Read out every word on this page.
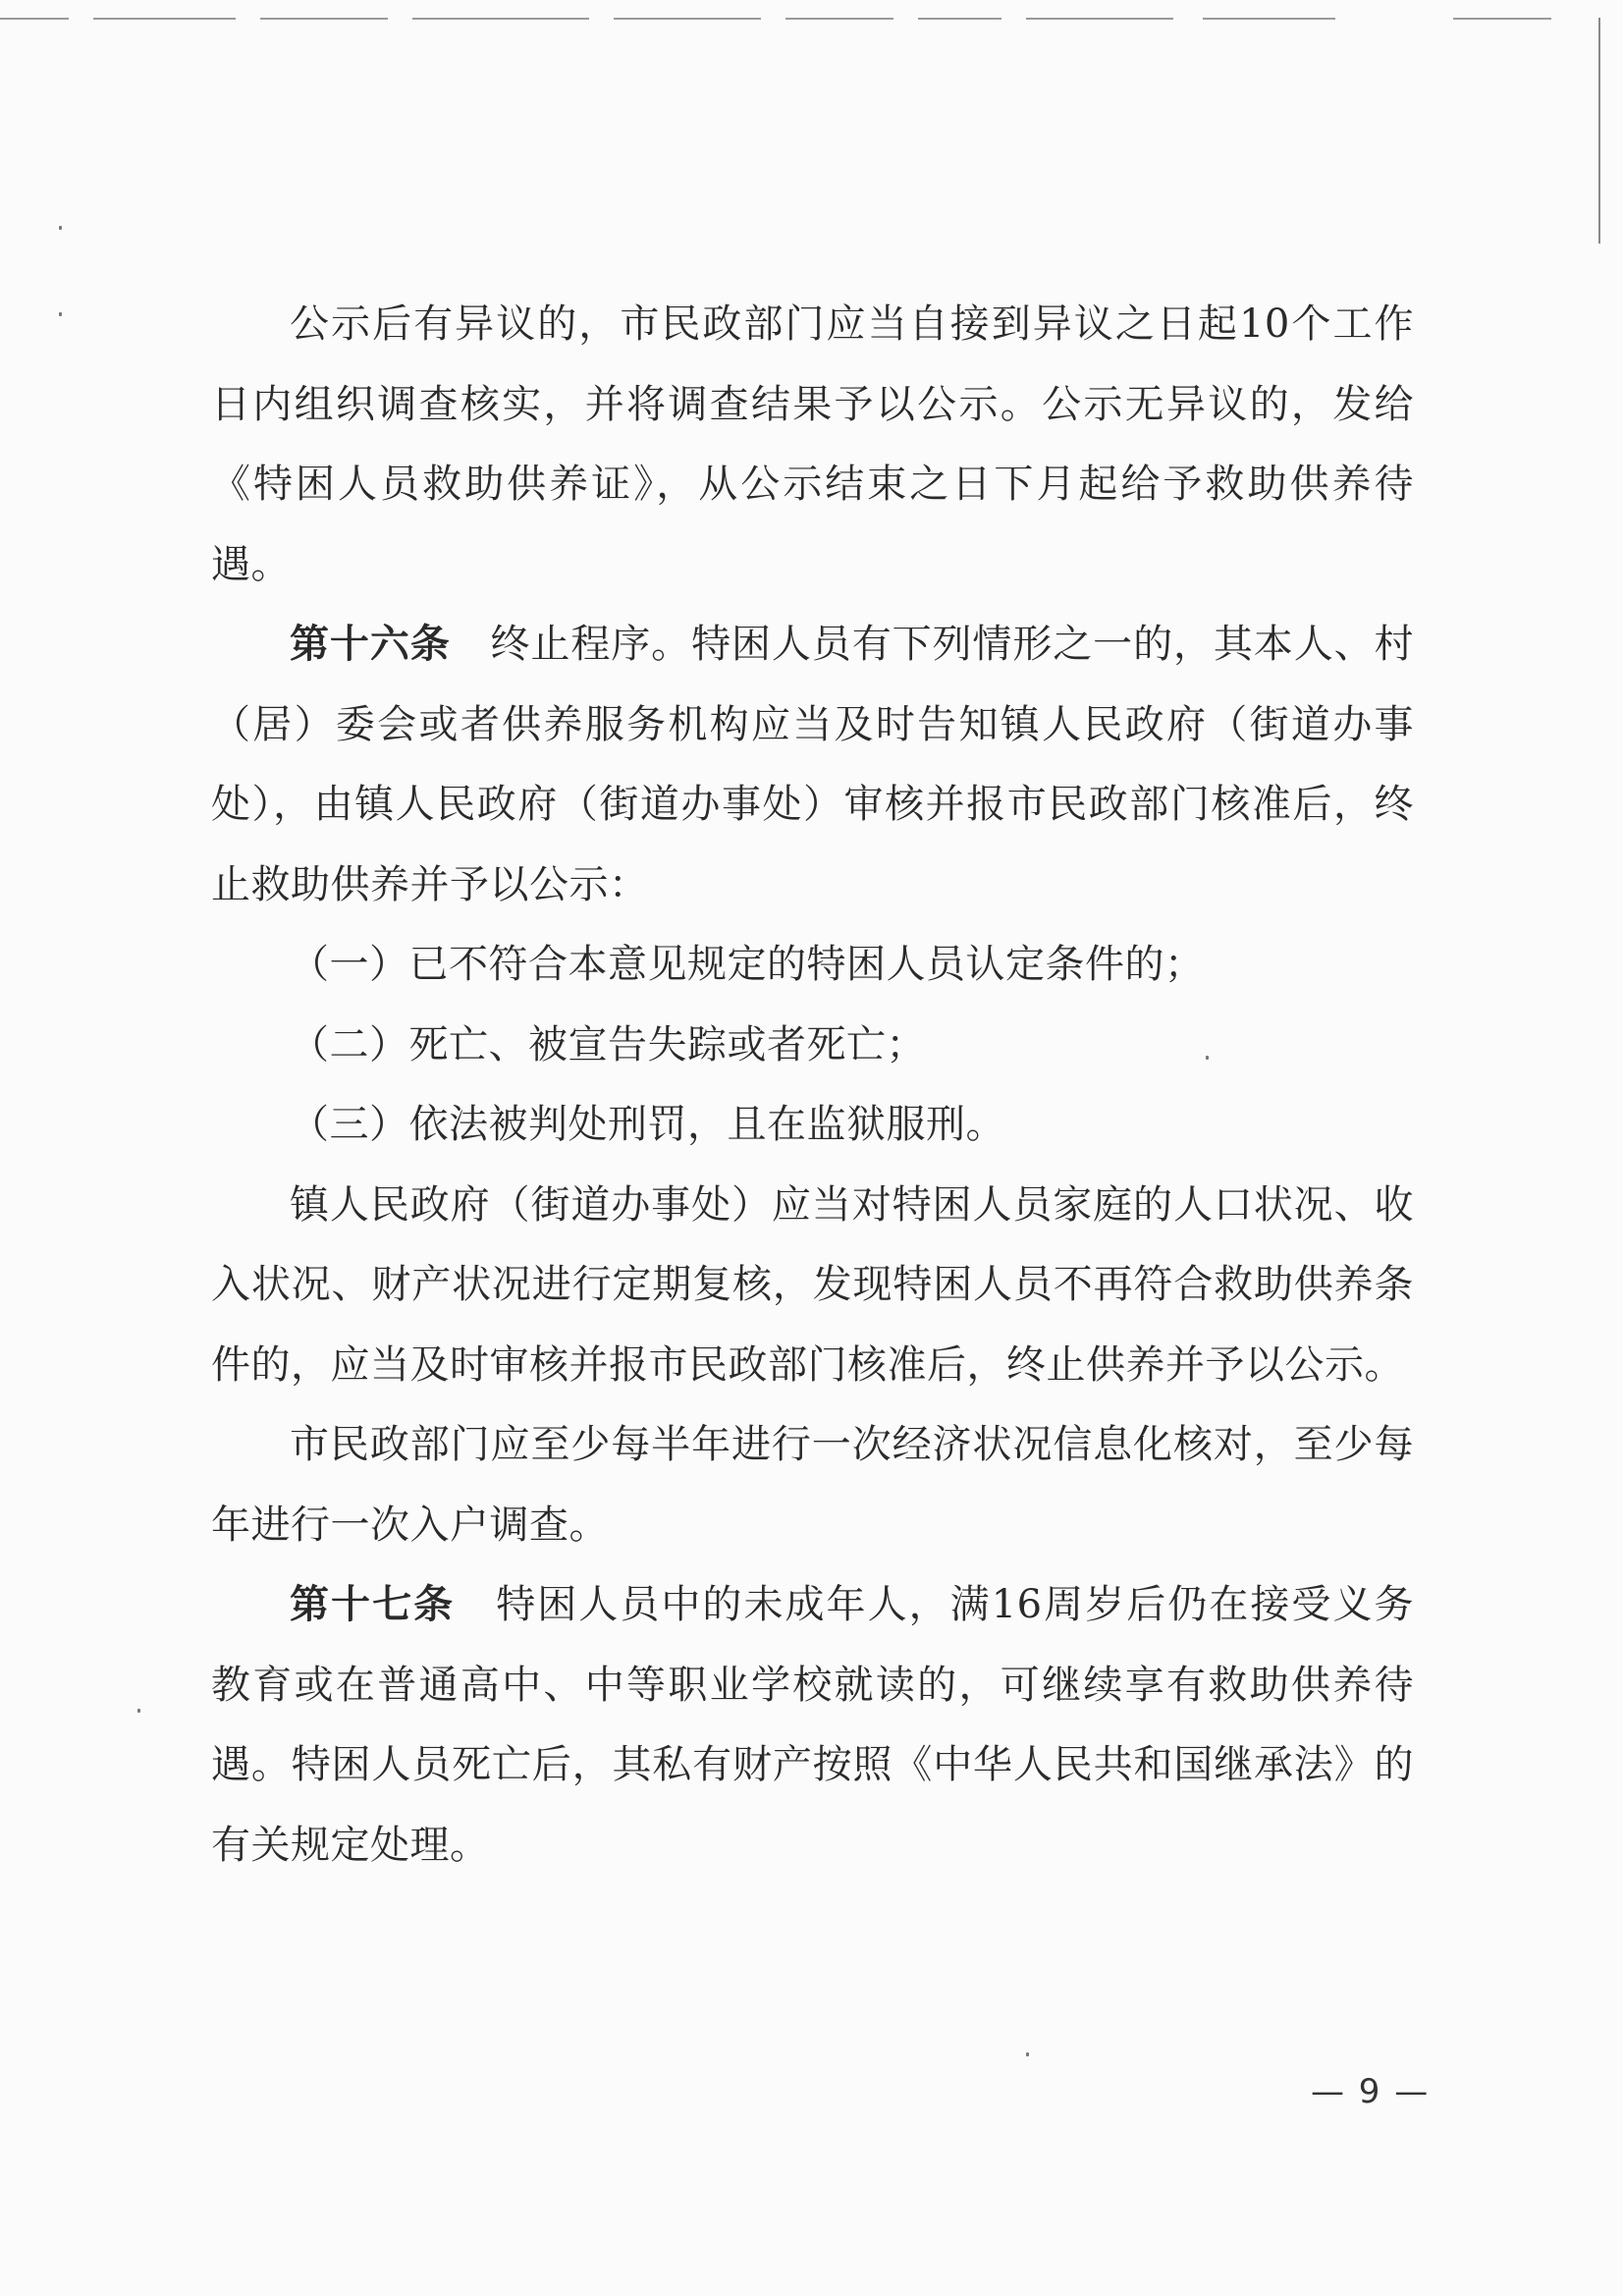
公示后有异议的，市民政部门应当自接到异议之日起10个工作日内组织调查核实，并将调查结果予以公示。公示无异议的，发给《特困人员救助供养证》，从公示结束之日下月起给予救助供养待遇。

第十六条　终止程序。特困人员有下列情形之一的，其本人、村（居）委会或者供养服务机构应当及时告知镇人民政府（街道办事处），由镇人民政府（街道办事处）审核并报市民政部门核准后，终止救助供养并予以公示：

（一）已不符合本意见规定的特困人员认定条件的；

（二）死亡、被宣告失踪或者死亡；

（三）依法被判处刑罚，且在监狱服刑。

镇人民政府（街道办事处）应当对特困人员家庭的人口状况、收入状况、财产状况进行定期复核，发现特困人员不再符合救助供养条件的，应当及时审核并报市民政部门核准后，终止供养并予以公示。

市民政部门应至少每半年进行一次经济状况信息化核对，至少每年进行一次入户调查。

第十七条　特困人员中的未成年人，满16周岁后仍在接受义务教育或在普通高中、中等职业学校就读的，可继续享有救助供养待遇。特困人员死亡后，其私有财产按照《中华人民共和国继承法》的有关规定处理。

— 9 —
